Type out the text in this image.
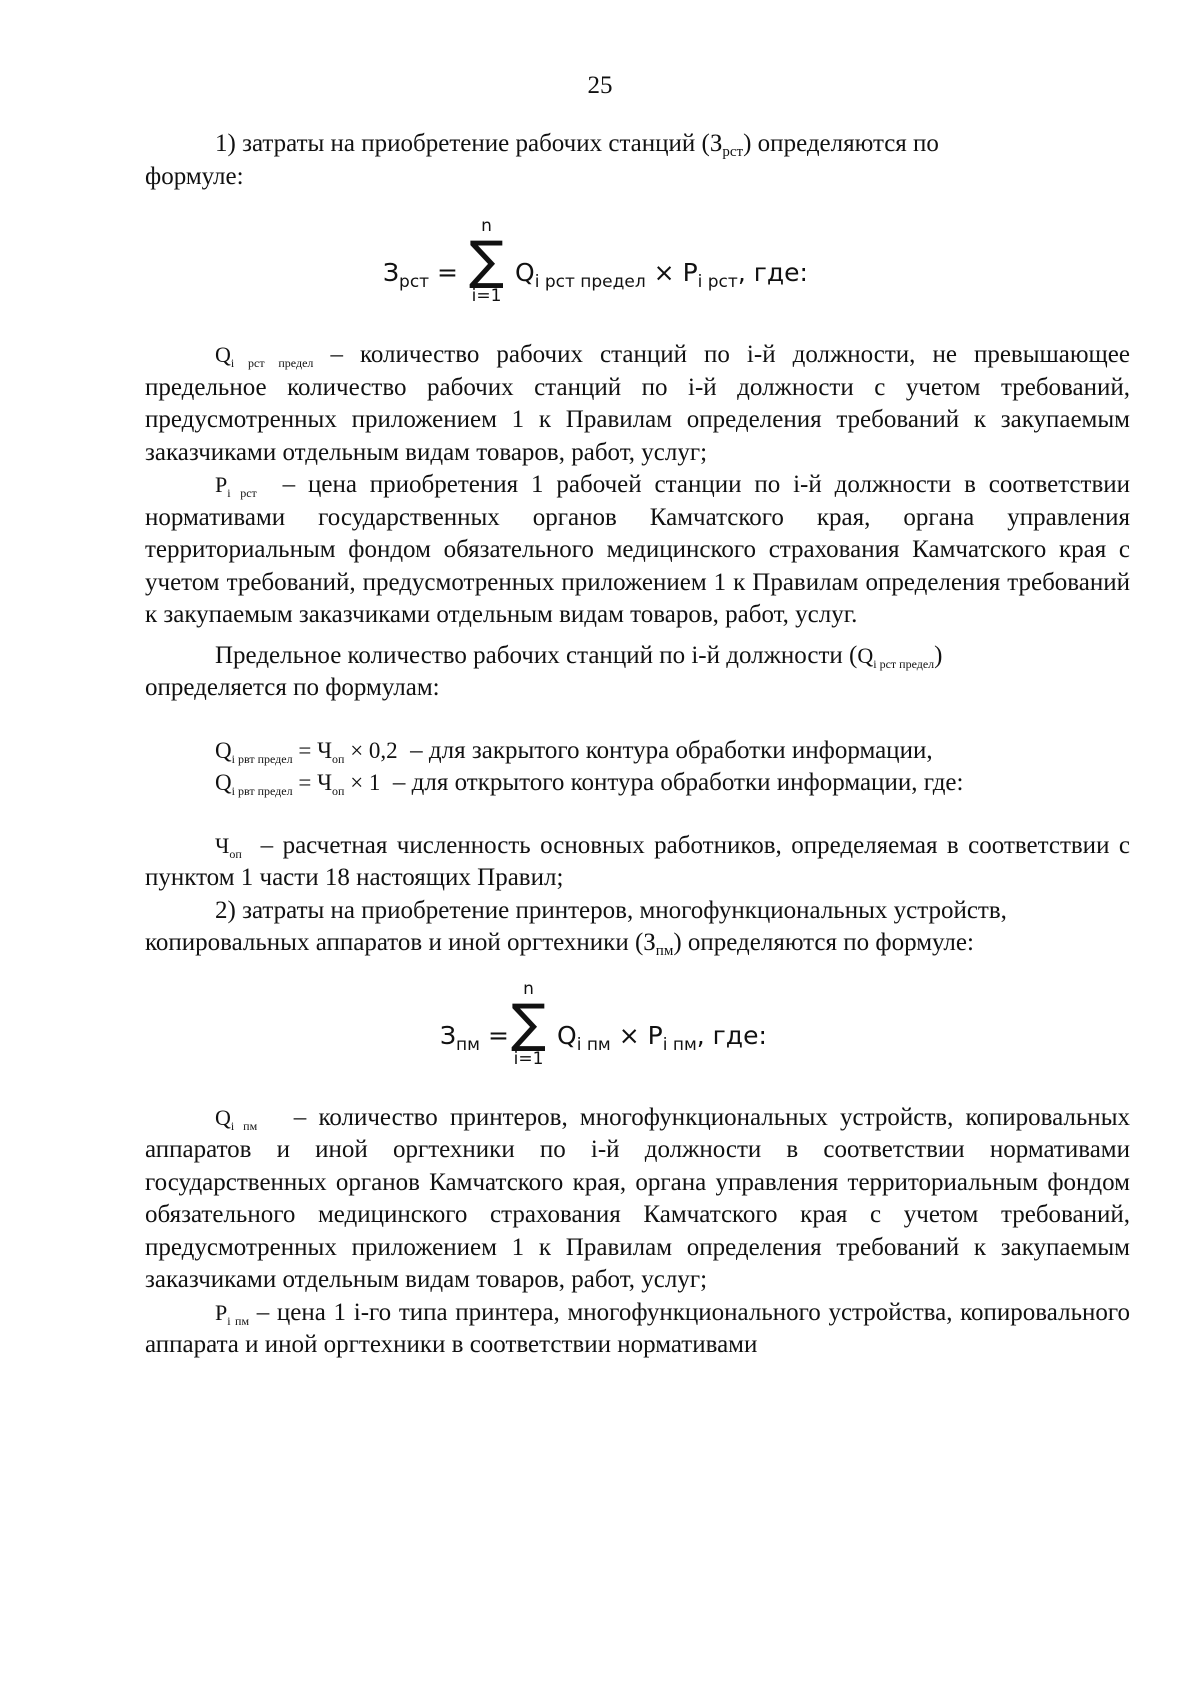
25

1) затраты на приобретение рабочих станций $(З_{рст})$ определяются по
формуле:

$З_{рст}$ =
n
∑
i=1
$Q_{i рст предел} \times P_{i рст}$, где:

$Q_{i рст предел}$ – количество рабочих станций по i-й должности, не превышающее предельное количество рабочих станций по i-й должности с учетом требований, предусмотренных приложением 1 к Правилам определения требований к закупаемым заказчиками отдельным видам товаров, работ, услуг;

$P_{i рст}$ – цена приобретения 1 рабочей станции по i-й должности в соответствии нормативами государственных органов Камчатского края, органа управления территориальным фондом обязательного медицинского страхования Камчатского края с учетом требований, предусмотренных приложением 1 к Правилам определения требований к закупаемым заказчиками отдельным видам товаров, работ, услуг.

Предельное количество рабочих станций по i-й должности $(Q_{i рст предел})$
определяется по формулам:

$Q_{i рвт предел} = Ч_{оп} \times 0,2$ – для закрытого контура обработки информации,

$Q_{i рвт предел} = Ч_{оп} \times 1$ – для открытого контура обработки информации, где:

$Ч_{оп}$ – расчетная численность основных работников, определяемая в соответствии с пунктом 1 части 18 настоящих Правил;

2) затраты на приобретение принтеров, многофункциональных устройств,
копировальных аппаратов и иной оргтехники $(З_{пм})$ определяются по формуле:

$З_{пм}$ =
n
∑
i=1
$Q_{i пм} \times P_{i пм}$, где:

$Q_{i пм}$ – количество принтеров, многофункциональных устройств, копировальных аппаратов и иной оргтехники по i-й должности в соответствии нормативами государственных органов Камчатского края, органа управления территориальным фондом обязательного медицинского страхования Камчатского края с учетом требований, предусмотренных приложением 1 к Правилам определения требований к закупаемым заказчиками отдельным видам товаров, работ, услуг;

$P_{i пм}$ – цена 1 i-го типа принтера, многофункционального устройства, копировального аппарата и иной оргтехники в соответствии нормативами
